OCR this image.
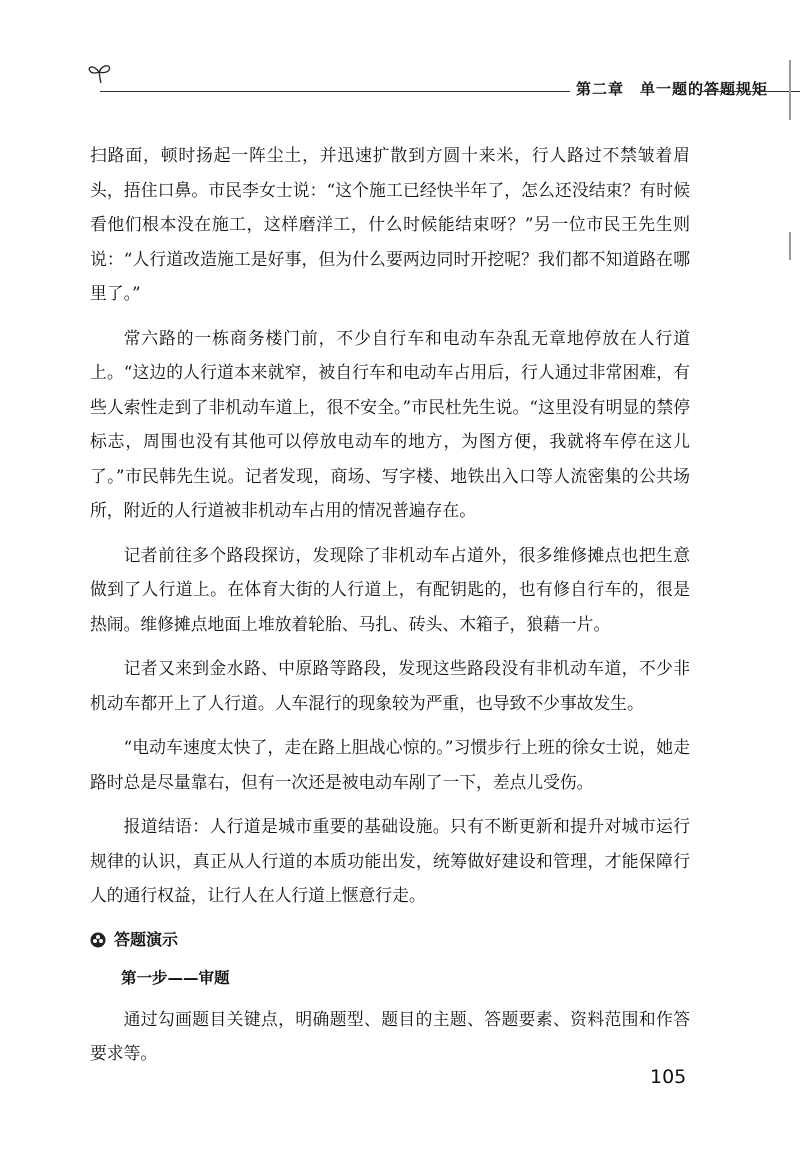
第二章　单一题的答题规矩

扫路面，顿时扬起一阵尘土，并迅速扩散到方圆十来米，行人路过不禁皱着眉头，捂住口鼻。市民李女士说：“这个施工已经快半年了，怎么还没结束？有时候看他们根本没在施工，这样磨洋工，什么时候能结束呀？”另一位市民王先生则说：“人行道改造施工是好事，但为什么要两边同时开挖呢？我们都不知道路在哪里了。”

常六路的一栋商务楼门前，不少自行车和电动车杂乱无章地停放在人行道上。“这边的人行道本来就窄，被自行车和电动车占用后，行人通过非常困难，有些人索性走到了非机动车道上，很不安全。”市民杜先生说。“这里没有明显的禁停标志，周围也没有其他可以停放电动车的地方，为图方便，我就将车停在这儿了。”市民韩先生说。记者发现，商场、写字楼、地铁出入口等人流密集的公共场所，附近的人行道被非机动车占用的情况普遍存在。

记者前往多个路段探访，发现除了非机动车占道外，很多维修摊点也把生意做到了人行道上。在体育大街的人行道上，有配钥匙的，也有修自行车的，很是热闹。维修摊点地面上堆放着轮胎、马扎、砖头、木箱子，狼藉一片。

记者又来到金水路、中原路等路段，发现这些路段没有非机动车道，不少非机动车都开上了人行道。人车混行的现象较为严重，也导致不少事故发生。

“电动车速度太快了，走在路上胆战心惊的。”习惯步行上班的徐女士说，她走路时总是尽量靠右，但有一次还是被电动车剐了一下，差点儿受伤。

报道结语：人行道是城市重要的基础设施。只有不断更新和提升对城市运行规律的认识，真正从人行道的本质功能出发，统筹做好建设和管理，才能保障行人的通行权益，让行人在人行道上惬意行走。

答题演示
第一步——审题

通过勾画题目关键点，明确题型、题目的主题、答题要素、资料范围和作答要求等。

105
